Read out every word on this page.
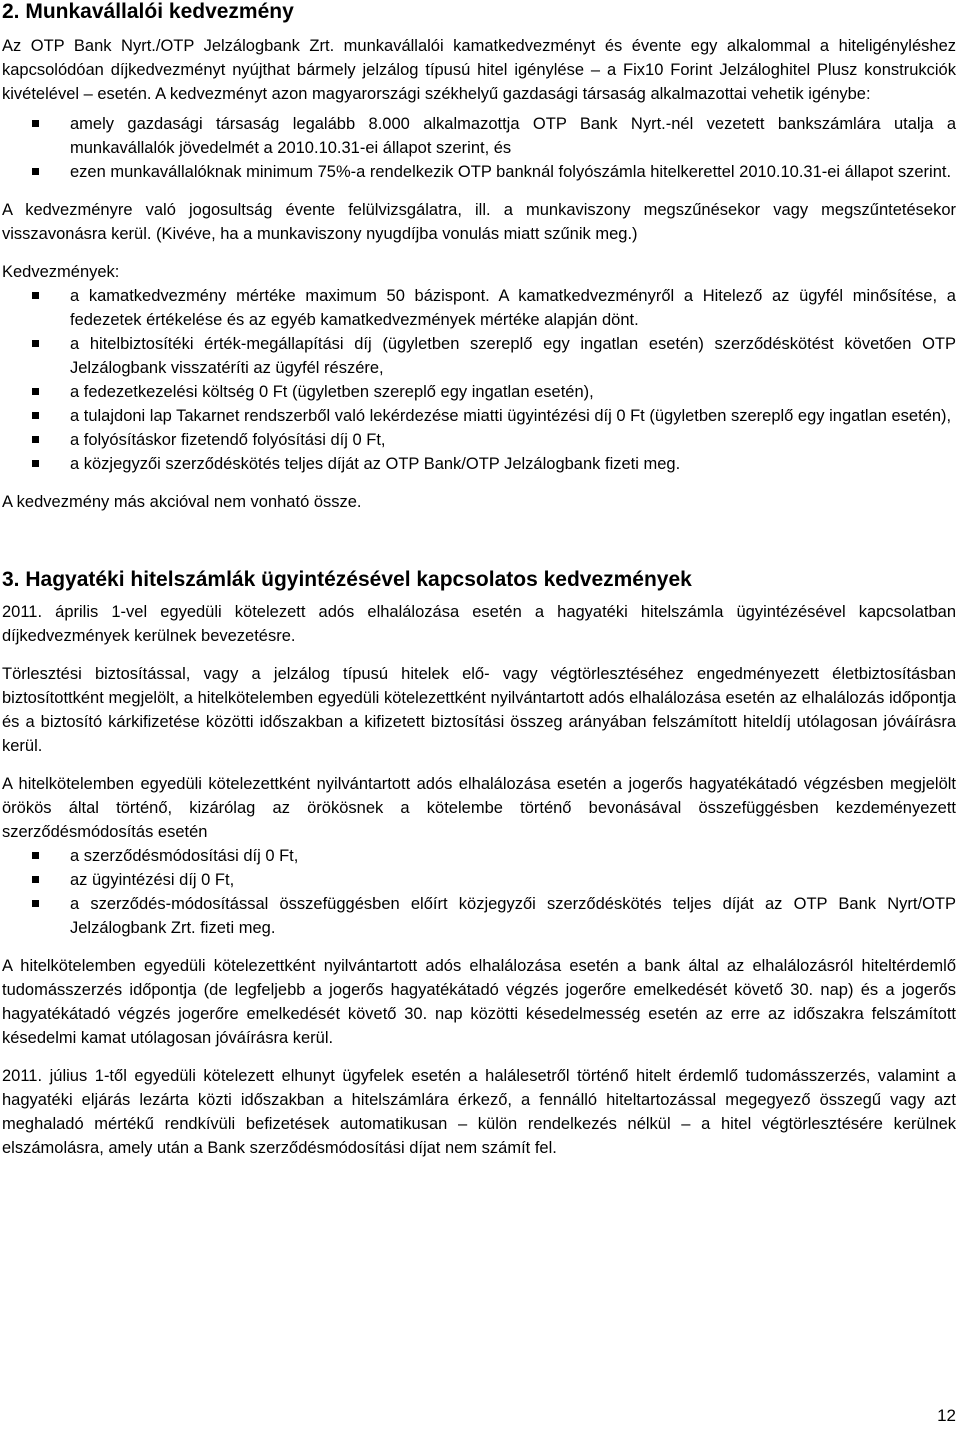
2. Munkavállalói kedvezmény

Az OTP Bank Nyrt./OTP Jelzálogbank Zrt. munkavállalói kamatkedvezményt és évente egy alkalommal a hiteligényléshez kapcsolódóan díjkedvezményt nyújthat bármely jelzálog típusú hitel igénylése – a Fix10 Forint Jelzáloghitel Plusz konstrukciók kivételével – esetén. A kedvezményt azon magyarországi székhelyű gazdasági társaság alkalmazottai vehetik igénybe:

amely gazdasági társaság legalább 8.000 alkalmazottja OTP Bank Nyrt.-nél vezetett bankszámlára utalja a munkavállalók jövedelmét a 2010.10.31-ei állapot szerint, és
ezen munkavállalóknak minimum 75%-a rendelkezik OTP banknál folyószámla hitelkerettel 2010.10.31-ei állapot szerint.

A kedvezményre való jogosultság évente felülvizsgálatra, ill. a munkaviszony megszűnésekor vagy megszűntetésekor visszavonásra kerül. (Kivéve, ha a munkaviszony nyugdíjba vonulás miatt szűnik meg.)

Kedvezmények:

a kamatkedvezmény mértéke maximum 50 bázispont. A kamatkedvezményről a Hitelező az ügyfél minősítése, a fedezetek értékelése és az egyéb kamatkedvezmények mértéke alapján dönt.
a hitelbiztosítéki érték-megállapítási díj (ügyletben szereplő egy ingatlan esetén) szerződéskötést követően OTP Jelzálogbank visszatéríti az ügyfél részére,
a fedezetkezelési költség 0 Ft (ügyletben szereplő egy ingatlan esetén),
a tulajdoni lap Takarnet rendszerből való lekérdezése miatti ügyintézési díj 0 Ft (ügyletben szereplő egy ingatlan esetén),
a folyósításkor fizetendő folyósítási díj 0 Ft,
a közjegyzői szerződéskötés teljes díját az OTP Bank/OTP Jelzálogbank fizeti meg.

A kedvezmény más akcióval nem vonható össze.

3. Hagyatéki hitelszámlák ügyintézésével kapcsolatos kedvezmények

2011. április 1-vel egyedüli kötelezett adós elhalálozása esetén a hagyatéki hitelszámla ügyintézésével kapcsolatban díjkedvezmények kerülnek bevezetésre.

Törlesztési biztosítással, vagy a jelzálog típusú hitelek elő- vagy végtörlesztéséhez engedményezett életbiztosításban biztosítottként megjelölt, a hitelkötelemben egyedüli kötelezettként nyilvántartott adós elhalálozása esetén az elhalálozás időpontja és a biztosító kárkifizetése közötti időszakban a kifizetett biztosítási összeg arányában felszámított hiteldíj utólagosan jóváírásra kerül.

A hitelkötelemben egyedüli kötelezettként nyilvántartott adós elhalálozása esetén a jogerős hagyatékátadó végzésben megjelölt örökös által történő, kizárólag az örökösnek a kötelembe történő bevonásával összefüggésben kezdeményezett szerződésmódosítás esetén

a szerződésmódosítási díj 0 Ft,
az ügyintézési díj 0 Ft,
a szerződés-módosítással összefüggésben előírt közjegyzői szerződéskötés teljes díját az OTP Bank Nyrt/OTP Jelzálogbank Zrt. fizeti meg.

A hitelkötelemben egyedüli kötelezettként nyilvántartott adós elhalálozása esetén a bank által az elhalálozásról hiteltérdemlő tudomásszerzés időpontja (de legfeljebb a jogerős hagyatékátadó végzés jogerőre emelkedését követő 30. nap) és a jogerős hagyatékátadó végzés jogerőre emelkedését követő 30. nap közötti késedelmesség esetén az erre az időszakra felszámított késedelmi kamat utólagosan jóváírásra kerül.

2011. július 1-től egyedüli kötelezett elhunyt ügyfelek esetén a halálesetről történő hitelt érdemlő tudomásszerzés, valamint a hagyatéki eljárás lezárta közti időszakban a hitelszámlára érkező, a fennálló hiteltartozással megegyező összegű vagy azt meghaladó mértékű rendkívüli befizetések automatikusan – külön rendelkezés nélkül – a hitel végtörlesztésére kerülnek elszámolásra, amely után a Bank szerződésmódosítási díjat nem számít fel.

12
